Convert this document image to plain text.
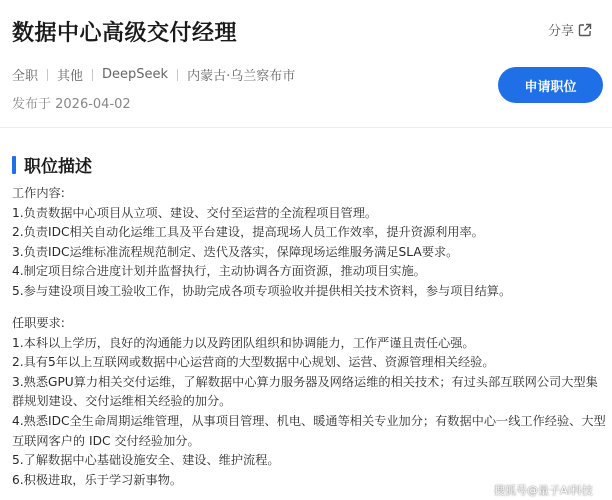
数据中心高级交付经理	分享
全职 其他 DeepSeek 内蒙古·乌兰察布市
发布于 2026-04-02
申请职位
职位描述
工作内容:
1.负责数据中心项目从立项、建设、交付至运营的全流程项目管理。
2.负责IDC相关自动化运维工具及平台建设，提高现场人员工作效率，提升资源利用率。
3.负责IDC运维标准流程规范制定、迭代及落实，保障现场运维服务满足SLA要求。
4.制定项目综合进度计划并监督执行，主动协调各方面资源，推动项目实施。
5.参与建设项目竣工验收工作，协助完成各项专项验收并提供相关技术资料，参与项目结算。
任职要求:
1.本科以上学历，良好的沟通能力以及跨团队组织和协调能力，工作严谨且责任心强。
2.具有5年以上互联网或数据中心运营商的大型数据中心规划、运营、资源管理相关经验。
3.熟悉GPU算力相关交付运维，了解数据中心算力服务器及网络运维的相关技术；有过头部互联网公司大型集群规划建设、交付运维相关经验的加分。
4.熟悉IDC全生命周期运维管理，从事项目管理、机电、暖通等相关专业加分；有数据中心一线工作经验、大型互联网客户的 IDC 交付经验加分。
5.了解数据中心基础设施安全、建设、维护流程。
6.积极进取，乐于学习新事物。
搜狐号@量子AI科技
